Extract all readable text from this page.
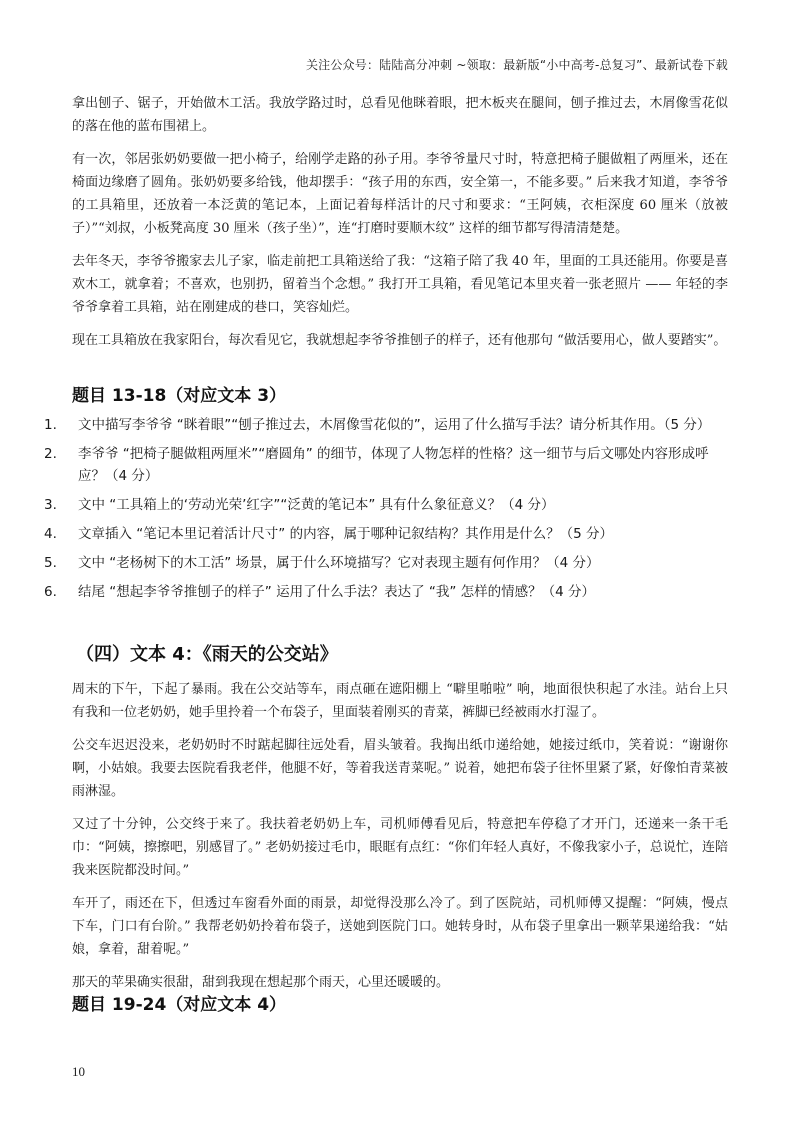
关注公众号：陆陆高分冲刺 ~领取：最新版“小中高考-总复习”、最新试卷下载

拿出刨子、锯子，开始做木工活。我放学路过时，总看见他眯着眼，把木板夹在腿间，刨子推过去，木屑像雪花似的落在他的蓝布围裙上。

有一次，邻居张奶奶要做一把小椅子，给刚学走路的孙子用。李爷爷量尺寸时，特意把椅子腿做粗了两厘米，还在椅面边缘磨了圆角。张奶奶要多给钱，他却摆手：“孩子用的东西，安全第一，不能多要。” 后来我才知道，李爷爷的工具箱里，还放着一本泛黄的笔记本，上面记着每样活计的尺寸和要求：“王阿姨，衣柜深度 60 厘米（放被子）”“刘叔，小板凳高度 30 厘米（孩子坐）”，连“打磨时要顺木纹” 这样的细节都写得清清楚楚。

去年冬天，李爷爷搬家去儿子家，临走前把工具箱送给了我：“这箱子陪了我 40 年，里面的工具还能用。你要是喜欢木工，就拿着；不喜欢，也别扔，留着当个念想。” 我打开工具箱，看见笔记本里夹着一张老照片 —— 年轻的李爷爷拿着工具箱，站在刚建成的巷口，笑容灿烂。

现在工具箱放在我家阳台，每次看见它，我就想起李爷爷推刨子的样子，还有他那句 “做活要用心，做人要踏实”。

题目 13-18（对应文本 3）
1. 文中描写李爷爷 “眯着眼”“刨子推过去，木屑像雪花似的”，运用了什么描写手法？请分析其作用。（5 分）
2. 李爷爷 “把椅子腿做粗两厘米”“磨圆角” 的细节，体现了人物怎样的性格？这一细节与后文哪处内容形成呼应？（4 分）
3. 文中 “工具箱上的‘劳动光荣’红字”“泛黄的笔记本” 具有什么象征意义？（4 分）
4. 文章插入 “笔记本里记着活计尺寸” 的内容，属于哪种记叙结构？其作用是什么？（5 分）
5. 文中 “老杨树下的木工活” 场景，属于什么环境描写？它对表现主题有何作用？（4 分）
6. 结尾 “想起李爷爷推刨子的样子” 运用了什么手法？表达了 “我” 怎样的情感？（4 分）
（四）文本 4：《雨天的公交站》

周末的下午，下起了暴雨。我在公交站等车，雨点砸在遮阳棚上 “噼里啪啦” 响，地面很快积起了水洼。站台上只有我和一位老奶奶，她手里拎着一个布袋子，里面装着刚买的青菜，裤脚已经被雨水打湿了。

公交车迟迟没来，老奶奶时不时踮起脚往远处看，眉头皱着。我掏出纸巾递给她，她接过纸巾，笑着说：“谢谢你啊，小姑娘。我要去医院看我老伴，他腿不好，等着我送青菜呢。” 说着，她把布袋子往怀里紧了紧，好像怕青菜被雨淋湿。

又过了十分钟，公交终于来了。我扶着老奶奶上车，司机师傅看见后，特意把车停稳了才开门，还递来一条干毛巾：“阿姨，擦擦吧，别感冒了。” 老奶奶接过毛巾，眼眶有点红：“你们年轻人真好，不像我家小子，总说忙，连陪我来医院都没时间。”

车开了，雨还在下，但透过车窗看外面的雨景，却觉得没那么冷了。到了医院站，司机师傅又提醒：“阿姨，慢点下车，门口有台阶。” 我帮老奶奶拎着布袋子，送她到医院门口。她转身时，从布袋子里拿出一颗苹果递给我：“姑娘，拿着，甜着呢。”

那天的苹果确实很甜，甜到我现在想起那个雨天，心里还暖暖的。

题目 19-24（对应文本 4）
10
